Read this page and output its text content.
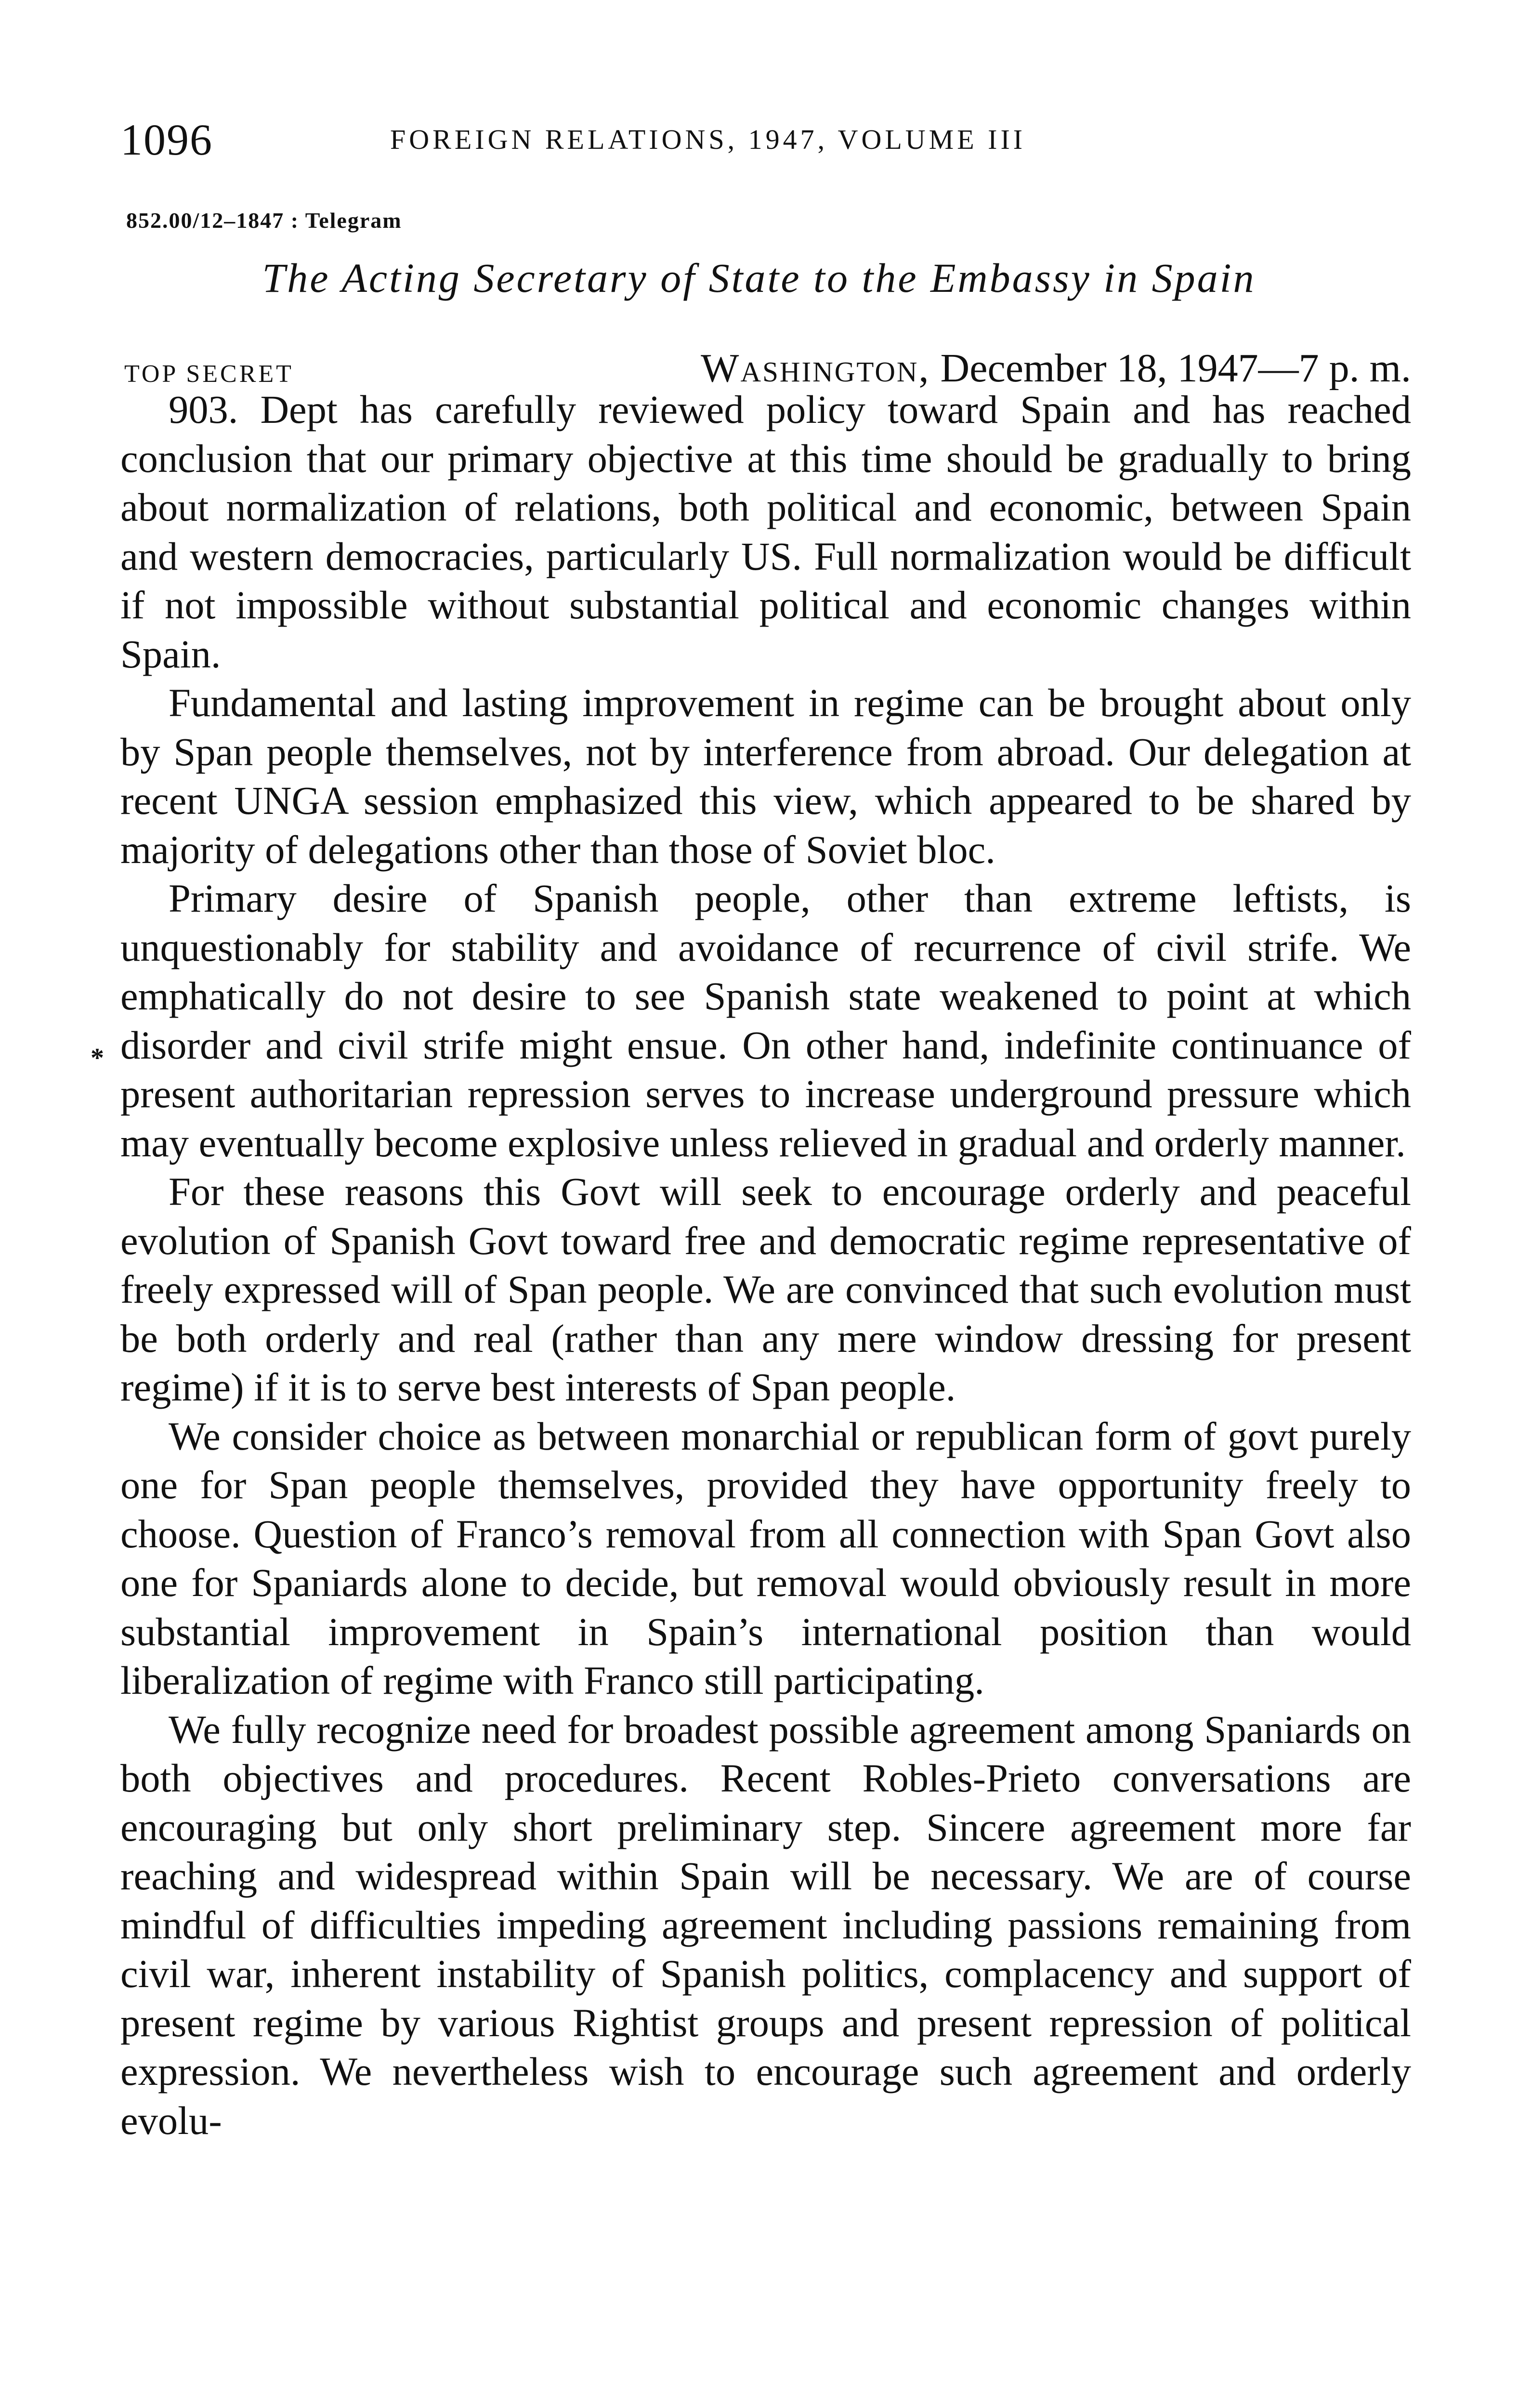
1096	FOREIGN RELATIONS, 1947, VOLUME III
852.00/12–1847 : Telegram
The Acting Secretary of State to the Embassy in Spain
TOP SECRET	Washington, December 18, 1947—7 p. m.
*

903. Dept has carefully reviewed policy toward Spain and has reached conclusion that our primary objective at this time should be gradually to bring about normalization of relations, both political and economic, between Spain and western democracies, particularly US. Full normalization would be difficult if not impossible without substantial political and economic changes within Spain.

Fundamental and lasting improvement in regime can be brought about only by Span people themselves, not by interference from abroad. Our delegation at recent UNGA session emphasized this view, which appeared to be shared by majority of delegations other than those of Soviet bloc.

Primary desire of Spanish people, other than extreme leftists, is unquestionably for stability and avoidance of recurrence of civil strife. We emphatically do not desire to see Spanish state weakened to point at which disorder and civil strife might ensue. On other hand, indefinite continuance of present authoritarian repression serves to increase underground pressure which may eventually become explosive unless relieved in gradual and orderly manner.

For these reasons this Govt will seek to encourage orderly and peaceful evolution of Spanish Govt toward free and democratic regime representative of freely expressed will of Span people. We are convinced that such evolution must be both orderly and real (rather than any mere window dressing for present regime) if it is to serve best interests of Span people.

We consider choice as between monarchial or republican form of govt purely one for Span people themselves, provided they have opportunity freely to choose. Question of Franco’s removal from all connection with Span Govt also one for Spaniards alone to decide, but removal would obviously result in more substantial improvement in Spain’s international position than would liberalization of regime with Franco still participating.

We fully recognize need for broadest possible agreement among Spaniards on both objectives and procedures. Recent Robles-Prieto conversations are encouraging but only short preliminary step. Sincere agreement more far reaching and widespread within Spain will be necessary. We are of course mindful of difficulties impeding agreement including passions remaining from civil war, inherent instability of Spanish politics, complacency and support of present regime by various Rightist groups and present repression of political expression. We nevertheless wish to encourage such agreement and orderly evolu-
